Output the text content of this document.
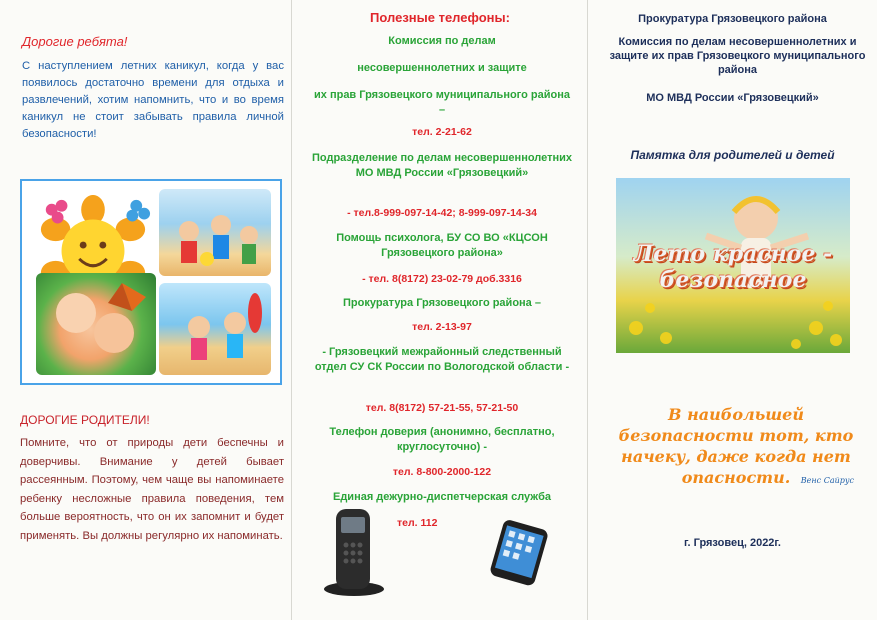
Дорогие ребята!
С наступлением летних каникул, когда у вас появилось достаточно времени для отдыха и развлечений, хотим напомнить, что и во время каникул не стоит забывать правила личной безопасности!
ДОРОГИЕ РОДИТЕЛИ!
Помните, что от природы дети беспечны и доверчивы. Внимание у детей бывает рассеянным. Поэтому, чем чаще вы напоминаете ребенку несложные правила поведения, тем больше вероятность, что он их запомнит и будет применять. Вы должны регулярно их напоминать.
Полезные телефоны:
Комиссия по делам
несовершеннолетних и защите
их прав Грязовецкого муниципального района –
тел. 2-21-62
Подразделение по делам несовершеннолетних МО МВД России «Грязовецкий»
- тел.8-999-097-14-42; 8-999-097-14-34
Помощь психолога, БУ СО ВО «КЦСОН Грязовецкого района»
- тел. 8(8172) 23-02-79 доб.3316
Прокуратура Грязовецкого района –
тел. 2-13-97
- Грязовецкий межрайонный следственный отдел СУ СК России по Вологодской области -
тел. 8(8172) 57-21-55, 57-21-50
Телефон доверия (анонимно, бесплатно, круглосуточно) -
тел. 8-800-2000-122
Единая дежурно-диспетчерская служба
тел. 112
Прокуратура Грязовецкого района
Комиссия по делам несовершеннолетних и защите их прав Грязовецкого муниципального района
МО МВД России «Грязовецкий»
Памятка для родителей и детей
Лето красное -
безопасное
В наибольшей безопасности тот, кто начеку, даже когда нет опасности.	Венс Сайрус
г. Грязовец, 2022г.
